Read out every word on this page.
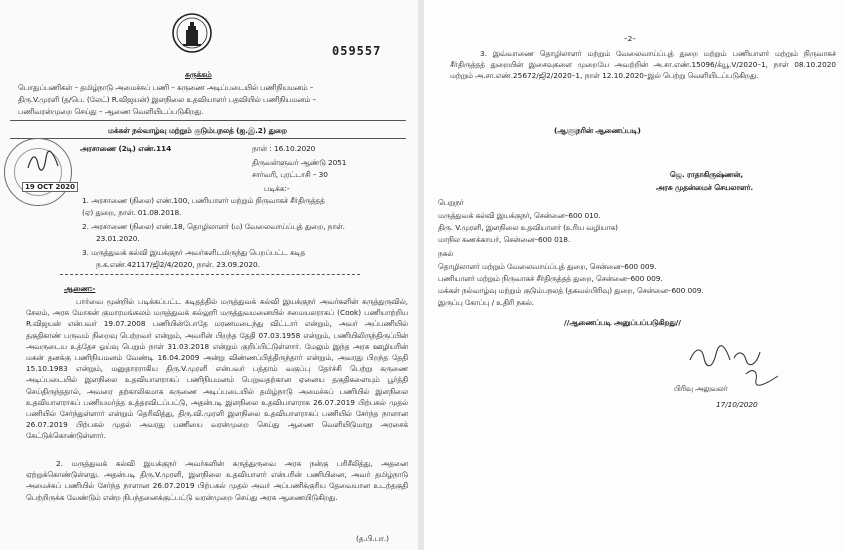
059557
சுருக்கம்
பொதுப்பணிகள் – தமிழ்நாடு அமைச்சுப் பணி – கருணை அடிப்படையில் பணிநியமனம் –
திரு.V.முரளி (த/பெ. (லேட்) R.விஜயன்) இளநிலை உதவியாளர் பதவியில் பணிநியமனம் –
பணிவரன்முறை செய்து – ஆணை வெளியிடப்படுகிறது.
மக்கள் நல்வாழ்வு மற்றும் குடும்பநலத் (ஐ.இ.2) துறை
19 OCT 2020
அரசாணை (2டி) எண்.114	நாள் : 16.10.2020
திருவள்ளுவர் ஆண்டு 2051
சார்வரி, புரட்டாசி – 30
படிக்க:-
1. அரசாணை (நிலை) எண்.100, பணியாளர் மற்றும் நிருவாகச் சீர்திருத்தத்
(ஏ) துறை, நாள். 01.08.2018.
2. அரசாணை (நிலை) எண்.18, தொழிலாளர் (ம) வேலைவாய்ப்புத் துறை, நாள்.
23.01.2020.
3. மருத்துவக் கல்வி இயக்குநர் அவர்களிடமிருந்து பெறப்பட்ட கடித
ந.க.எண்.42117/ஜி2/4/2020, நாள். 23.09.2020.
ஆணை:-
பார்வை மூன்றில் படிக்கப்பட்ட கடிதத்தில் மருத்துவக் கல்வி இயக்குநர் அவர்களின் கருத்துருவில், சேலம், அரசு மோகன் குமாரமங்கலம் மருத்துவக் கல்லூரி மருத்துவமனையில் சமையலராகப் (Cook) பணியாற்றிய R.விஜயன் என்பவர் 19.07.2008 பணியின்போதே மரணமடைந்து விட்டார் என்றும், அவர் அப்பணியில் தகுதிகாண் பருவம் நிறைவு பெற்றவர் என்றும், அவரின் பிறந்த தேதி 07.03.1958 என்றும், பணியிலிருந்திருப்பின் அவருடைய உத்தேச ஓய்வு பெறும் நாள் 31.03.2018 என்றும் குறிப்பிட்டுள்ளார். மேலும் இந்த அரசு ஊழியரின் மகன் தனக்கு பணிநியமனம் வேண்டி 16.04.2009 அன்று விண்ணப்பித்திருந்தார் என்றும், அவரது பிறந்த தேதி 15.10.1983 என்றும், மனுதாரராகிய திரு.V.முரளி என்பவர் பத்தாம் வகுப்பு தேர்ச்சி பெற்று கருணை அடிப்படையில் இளநிலை உதவியாளராகப் பணிநியமனம் பெறுவதற்கான ஏனைய தகுதிகளையும் பூர்த்தி செய்திருந்ததால், அவரை தற்காலிகமாக கருணை அடிப்படையில் தமிழ்நாடு அமைச்சுப் பணியில் இளநிலை உதவியாளராகப் பணியமர்த்த உத்தரவிடப்பட்டு, அதன்படி இளநிலை உதவியாளராக 26.07.2019 பிற்பகல் முதல் பணியில் சேர்ந்துள்ளார் என்றும் தெரிவித்து, திரு.வி.முரளி இளநிலை உதவியாளராகப் பணியில் சேர்ந்த நாளான 26.07.2019 பிற்பகல் முதல் அவரது பணியை வரன்முறை செய்து ஆணை வெளியிடுமாறு அரசைக் கேட்டுக்கொண்டுள்ளார்.
2. மருத்துவக் கல்வி இயக்குநர் அவர்களின் கருத்துருவை அரசு நன்கு பரிசீலித்து, அதனை ஏற்றுக்கொண்டுள்ளது. அதன்படி திரு.V.முரளி, இளநிலை உதவியாளர் என்பரின் பணியினை, அவர் தமிழ்நாடு அமைச்சுப் பணியில் சேர்ந்த நாளான 26.07.2019 பிற்பகல் முதல் அவர் அப்பணிக்குரிய தேவையான உடற்தகுதி பெற்றிருக்க வேண்டும் என்ற நிபந்தனைக்குட்பட்டு வரன்முறை செய்து அரசு ஆணையிடுகிறது.
(த.பி.பா.)
–2–
3. இவ்வாணை தொழிலாளர் மற்றும் வேலைவாய்ப்புத் துறை மற்றும் பணியாளர் மற்றும் நிருவாகச் சீர்திருத்தத் துறையின் இசைவுகளை முறையே அவற்றின் அ.சா.எண்.15096/க்யூ.V/2020–1, நாள் 08.10.2020 மற்றும் அ.சா.எண்.25672/ஜி2/2020–1, நாள் 12.10.2020–இல் பெற்று வெளியிடப்படுகிறது.
(ஆளுநரின் ஆணைப்படி)
ஜெ. ராதாகிருஷ்ணன்,
அரசு முதன்மைச் செயலாளர்.
பெறுநர்
மருத்துவக் கல்வி இயக்குநர், சென்னை–600 010.
திரு. V.முரளி, இளநிலை உதவியாளர் (உரிய வழியாக)
மாநில கணக்காயர், சென்னை–600 018.
நகல்
தொழிலாளர் மற்றும் வேலைவாய்ப்புத் துறை, சென்னை–600 009.
பணியாளர் மற்றும் நிருவாகச் சீர்திருத்தத் துறை, சென்னை–600 009.
மக்கள் நல்வாழ்வு மற்றும் குடும்பநலத் (தகவல்பிரிவு) துறை, சென்னை–600 009.
இருப்பு கோப்பு / உதிரி நகல்.
//ஆணைப்படி அனுப்பப்படுகிறது//
பிரிவு அலுவலர்
17/10/2020
